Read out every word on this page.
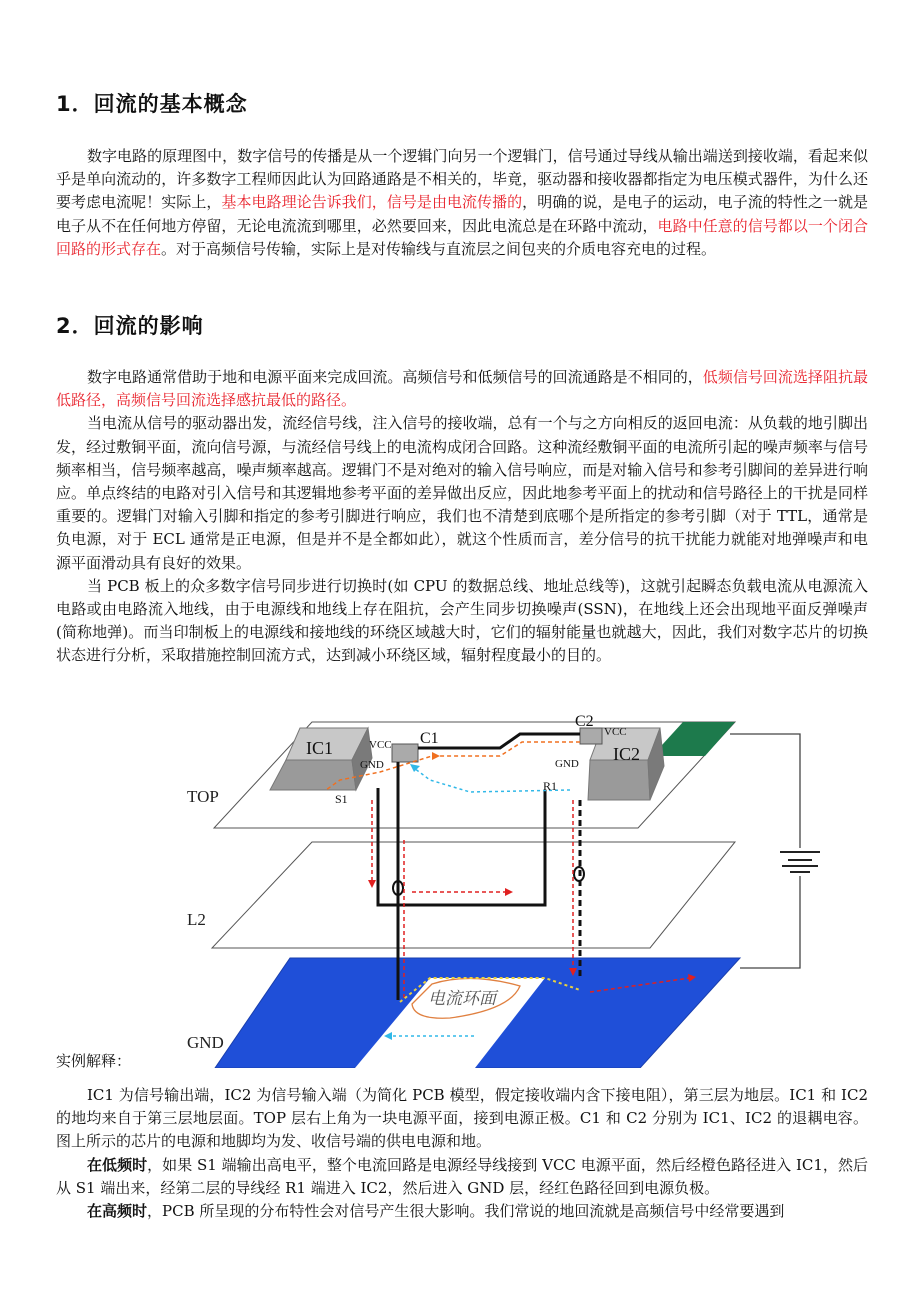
1．回流的基本概念
数字电路的原理图中，数字信号的传播是从一个逻辑门向另一个逻辑门，信号通过导线从输出端送到接收端，看起来似乎是单向流动的，许多数字工程师因此认为回路通路是不相关的，毕竟，驱动器和接收器都指定为电压模式器件，为什么还要考虑电流呢！实际上，基本电路理论告诉我们，信号是由电流传播的，明确的说，是电子的运动，电子流的特性之一就是电子从不在任何地方停留，无论电流流到哪里，必然要回来，因此电流总是在环路中流动，电路中任意的信号都以一个闭合回路的形式存在。对于高频信号传输，实际上是对传输线与直流层之间包夹的介质电容充电的过程。
2．回流的影响
数字电路通常借助于地和电源平面来完成回流。高频信号和低频信号的回流通路是不相同的，低频信号回流选择阻抗最低路径，高频信号回流选择感抗最低的路径。
当电流从信号的驱动器出发，流经信号线，注入信号的接收端，总有一个与之方向相反的返回电流：从负载的地引脚出发，经过敷铜平面，流向信号源，与流经信号线上的电流构成闭合回路。这种流经敷铜平面的电流所引起的噪声频率与信号频率相当，信号频率越高，噪声频率越高。逻辑门不是对绝对的输入信号响应，而是对输入信号和参考引脚间的差异进行响应。单点终结的电路对引入信号和其逻辑地参考平面的差异做出反应，因此地参考平面上的扰动和信号路径上的干扰是同样重要的。逻辑门对输入引脚和指定的参考引脚进行响应，我们也不清楚到底哪个是所指定的参考引脚（对于 TTL，通常是负电源，对于 ECL 通常是正电源，但是并不是全都如此），就这个性质而言，差分信号的抗干扰能力就能对地弹噪声和电源平面滑动具有良好的效果。
当 PCB 板上的众多数字信号同步进行切换时(如 CPU 的数据总线、地址总线等)，这就引起瞬态负载电流从电源流入电路或由电路流入地线，由于电源线和地线上存在阻抗，会产生同步切换噪声(SSN)，在地线上还会出现地平面反弹噪声(简称地弹)。而当印制板上的电源线和接地线的环绕区域越大时，它们的辐射能量也就越大，因此，我们对数字芯片的切换状态进行分析，采取措施控制回流方式，达到减小环绕区域，辐射程度最小的目的。
TOP
L2
GND
IC1	IC2
C1
C2
VCC
VCC
GND	GND
S1
R1
电流环面
实例解释：
IC1 为信号输出端，IC2 为信号输入端（为简化 PCB 模型，假定接收端内含下接电阻），第三层为地层。IC1 和 IC2 的地均来自于第三层地层面。TOP 层右上角为一块电源平面，接到电源正极。C1 和 C2 分别为 IC1、IC2 的退耦电容。图上所示的芯片的电源和地脚均为发、收信号端的供电电源和地。
在低频时，如果 S1 端输出高电平，整个电流回路是电源经导线接到 VCC 电源平面，然后经橙色路径进入 IC1，然后从 S1 端出来，经第二层的导线经 R1 端进入 IC2，然后进入 GND 层，经红色路径回到电源负极。
在高频时，PCB 所呈现的分布特性会对信号产生很大影响。我们常说的地回流就是高频信号中经常要遇到
